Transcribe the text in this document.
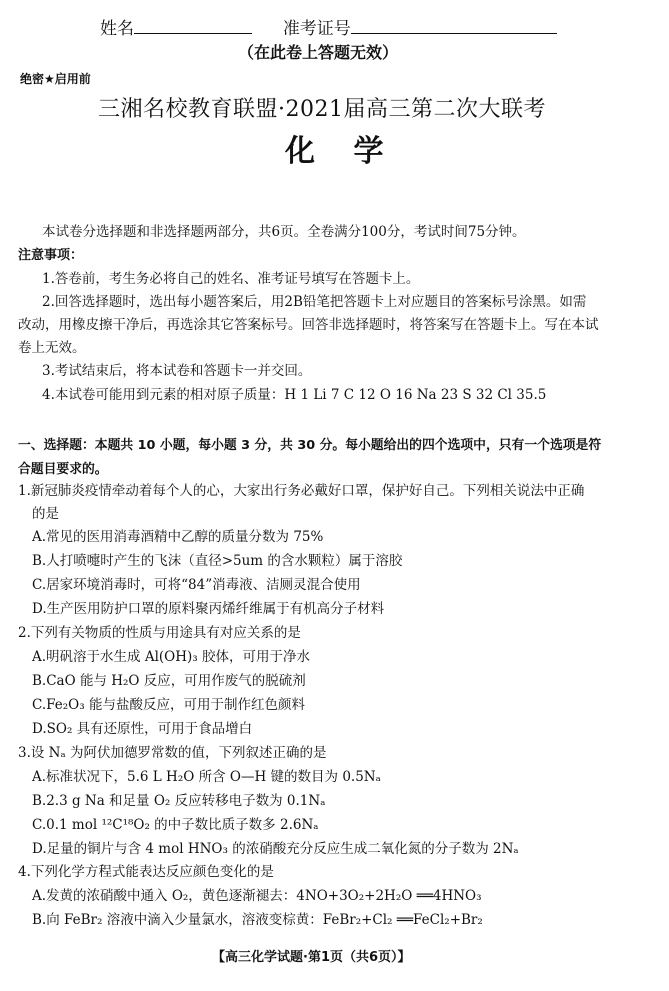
姓名	准考证号
（在此卷上答题无效）
绝密★启用前
三湘名校教育联盟·2021届高三第二次大联考
化 学
本试卷分选择题和非选择题两部分，共6页。全卷满分100分，考试时间75分钟。
注意事项：
1.答卷前，考生务必将自己的姓名、准考证号填写在答题卡上。
2.回答选择题时，选出每小题答案后，用2B铅笔把答题卡上对应题目的答案标号涂黑。如需
改动，用橡皮擦干净后，再选涂其它答案标号。回答非选择题时，将答案写在答题卡上。写在本试
卷上无效。
3.考试结束后，将本试卷和答题卡一并交回。
4.本试卷可能用到元素的相对原子质量：H 1 Li 7 C 12 O 16 Na 23 S 32 Cl 35.5
一、选择题：本题共 10 小题，每小题 3 分，共 30 分。每小题给出的四个选项中，只有一个选项是符
合题目要求的。
1.新冠肺炎疫情牵动着每个人的心，大家出行务必戴好口罩，保护好自己。下列相关说法中正确
的是
A.常见的医用消毒酒精中乙醇的质量分数为 75%
B.人打喷嚏时产生的飞沫（直径>5um 的含水颗粒）属于溶胶
C.居家环境消毒时，可将“84”消毒液、洁厕灵混合使用
D.生产医用防护口罩的原料聚丙烯纤维属于有机高分子材料
2.下列有关物质的性质与用途具有对应关系的是
A.明矾溶于水生成 Al(OH)₃ 胶体，可用于净水
B.CaO 能与 H₂O 反应，可用作废气的脱硫剂
C.Fe₂O₃ 能与盐酸反应，可用于制作红色颜料
D.SO₂ 具有还原性，可用于食品增白
3.设 Nₐ 为阿伏加德罗常数的值，下列叙述正确的是
A.标准状况下，5.6 L H₂O 所含 O—H 键的数目为 0.5Nₐ
B.2.3 g Na 和足量 O₂ 反应转移电子数为 0.1Nₐ
C.0.1 mol ¹²C¹⁸O₂ 的中子数比质子数多 2.6Nₐ
D.足量的铜片与含 4 mol HNO₃ 的浓硝酸充分反应生成二氧化氮的分子数为 2Nₐ
4.下列化学方程式能表达反应颜色变化的是
A.发黄的浓硝酸中通入 O₂，黄色逐渐褪去：4NO+3O₂+2H₂O ══4HNO₃
B.向 FeBr₂ 溶液中滴入少量氯水，溶液变棕黄：FeBr₂+Cl₂ ══FeCl₂+Br₂
【高三化学试题·第1页（共6页）】
